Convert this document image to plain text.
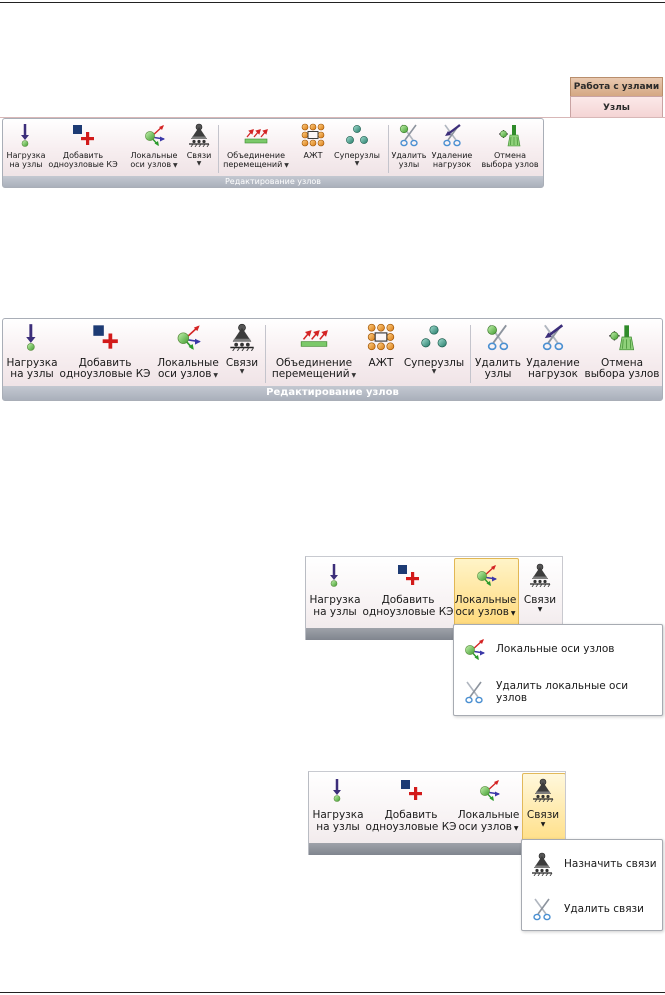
Работа с узлами
Узлы
Нагрузка
на узлы
Добавить
одноузловые КЭ
Локальные
оси узлов ▼
Связи
▼
Объединение
перемещений ▼
АЖТ Суперузлы
▼
Удалить
узлы
Удаление
нагрузок
Отмена
выбора узлов
Редактирование узлов
Нагрузка
на узлы
Добавить
одноузловые КЭ
Локальные
оси узлов ▼
Связи
▼
Объединение
перемещений ▼
АЖТ Суперузлы
▼
Удалить
узлы
Удаление
нагрузок
Отмена
выбора узлов
Редактирование узлов
Нагрузка
на узлы
Добавить
одноузловые КЭ
Локальные
оси узлов ▼
Связи
▼
Локальные оси узлов
Удалить локальные оси узлов
Нагрузка
на узлы
Добавить
одноузловые КЭ
Локальные
оси узлов ▼
Связи
▼
Назначить связи
Удалить связи
